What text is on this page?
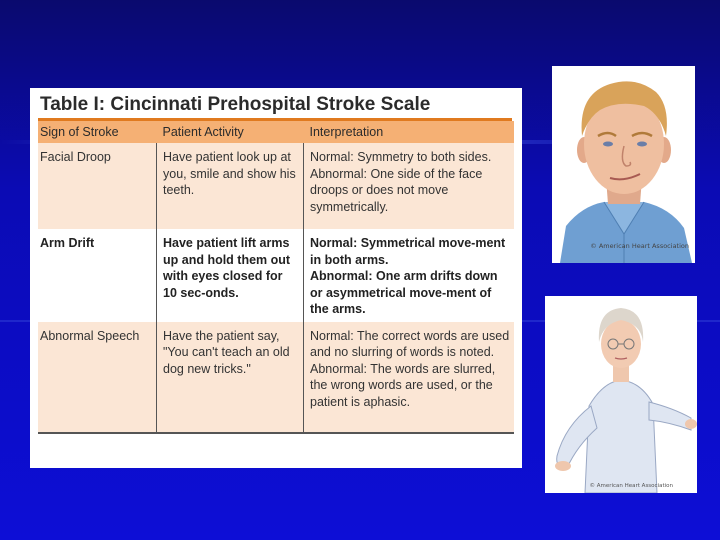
Table I: Cincinnati Prehospital Stroke Scale
Sign of Stroke	Patient Activity	Interpretation
Facial Droop	Have patient look up at you, smile and show his teeth.	Normal: Symmetry to both sides.
Abnormal: One side of the face droops or does not move symmetrically.

Arm Drift	Have patient lift arms up and hold them out with eyes closed for 10 sec-onds.	Normal: Symmetrical move-ment in both arms.
Abnormal: One arm drifts down or asymmetrical move-ment of the arms.

Abnormal Speech	Have the patient say, "You can't teach an old dog new tricks."	Normal: The correct words are used and no slurring of words is noted.
Abnormal: The words are slurred, the wrong words are used, or the patient is aphasic.
© American Heart Association
© American Heart Association
